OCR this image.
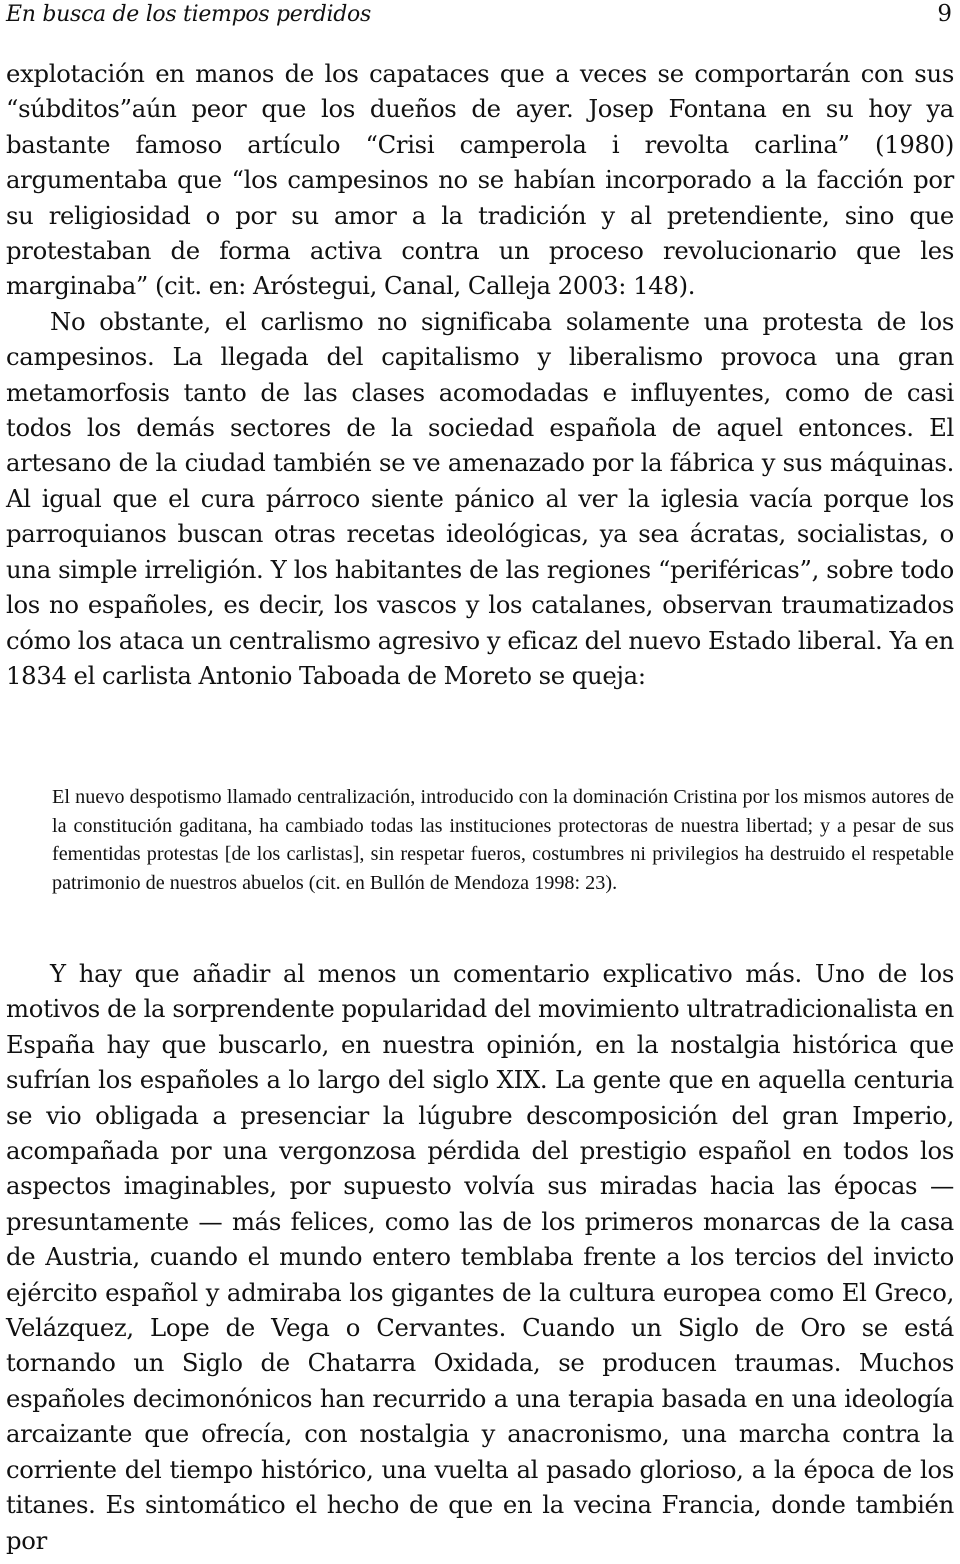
En busca de los tiempos perdidos	9

explotación en manos de los capataces que a veces se comportarán con sus “súbditos”aún peor que los dueños de ayer. Josep Fontana en su hoy ya bastante famoso artículo “Crisi camperola i revolta carlina” (1980) argumentaba que “los campesinos no se habían incorporado a la facción por su religiosidad o por su amor a la tradición y al pretendiente, sino que protestaban de forma activa contra un proceso revolucionario que les marginaba” (cit. en: Aróstegui, Canal, Calleja 2003: 148).

No obstante, el carlismo no significaba solamente una protesta de los campesinos. La llegada del capitalismo y liberalismo provoca una gran metamorfosis tanto de las clases acomodadas e influyentes, como de casi todos los demás sectores de la sociedad española de aquel entonces. El artesano de la ciudad también se ve amenazado por la fábrica y sus máquinas. Al igual que el cura párroco siente pánico al ver la iglesia vacía porque los parroquianos buscan otras recetas ideológicas, ya sea ácratas, socialistas, o una simple irreligión. Y los habitantes de las regiones “periféricas”, sobre todo los no españoles, es decir, los vascos y los catalanes, observan traumatizados cómo los ataca un centralismo agresivo y eficaz del nuevo Estado liberal. Ya en 1834 el carlista Antonio Taboada de Moreto se queja:

El nuevo despotismo llamado centralización, introducido con la dominación Cristina por los mismos autores de la constitución gaditana, ha cambiado todas las instituciones protectoras de nuestra libertad; y a pesar de sus fementidas protestas [de los carlistas], sin respetar fueros, costumbres ni privilegios ha destruido el respetable patrimonio de nuestros abuelos (cit. en Bullón de Mendoza 1998: 23).

Y hay que añadir al menos un comentario explicativo más. Uno de los motivos de la sorprendente popularidad del movimiento ultratradicionalista en España hay que buscarlo, en nuestra opinión, en la nostalgia histórica que sufrían los españoles a lo largo del siglo XIX. La gente que en aquella centuria se vio obligada a presenciar la lúgubre descomposición del gran Imperio, acompañada por una vergonzosa pérdida del prestigio español en todos los aspectos imaginables, por supuesto volvía sus miradas hacia las épocas — presuntamente — más felices, como las de los primeros monarcas de la casa de Austria, cuando el mundo entero temblaba frente a los tercios del invicto ejército español y admiraba los gigantes de la cultura europea como El Greco, Velázquez, Lope de Vega o Cervantes. Cuando un Siglo de Oro se está tornando un Siglo de Chatarra Oxidada, se producen traumas. Muchos españoles decimonónicos han recurrido a una terapia basada en una ideología arcaizante que ofrecía, con nostalgia y anacronismo, una marcha contra la corriente del tiempo histórico, una vuelta al pasado glorioso, a la época de los titanes. Es sintomático el hecho de que en la vecina Francia, donde también por
